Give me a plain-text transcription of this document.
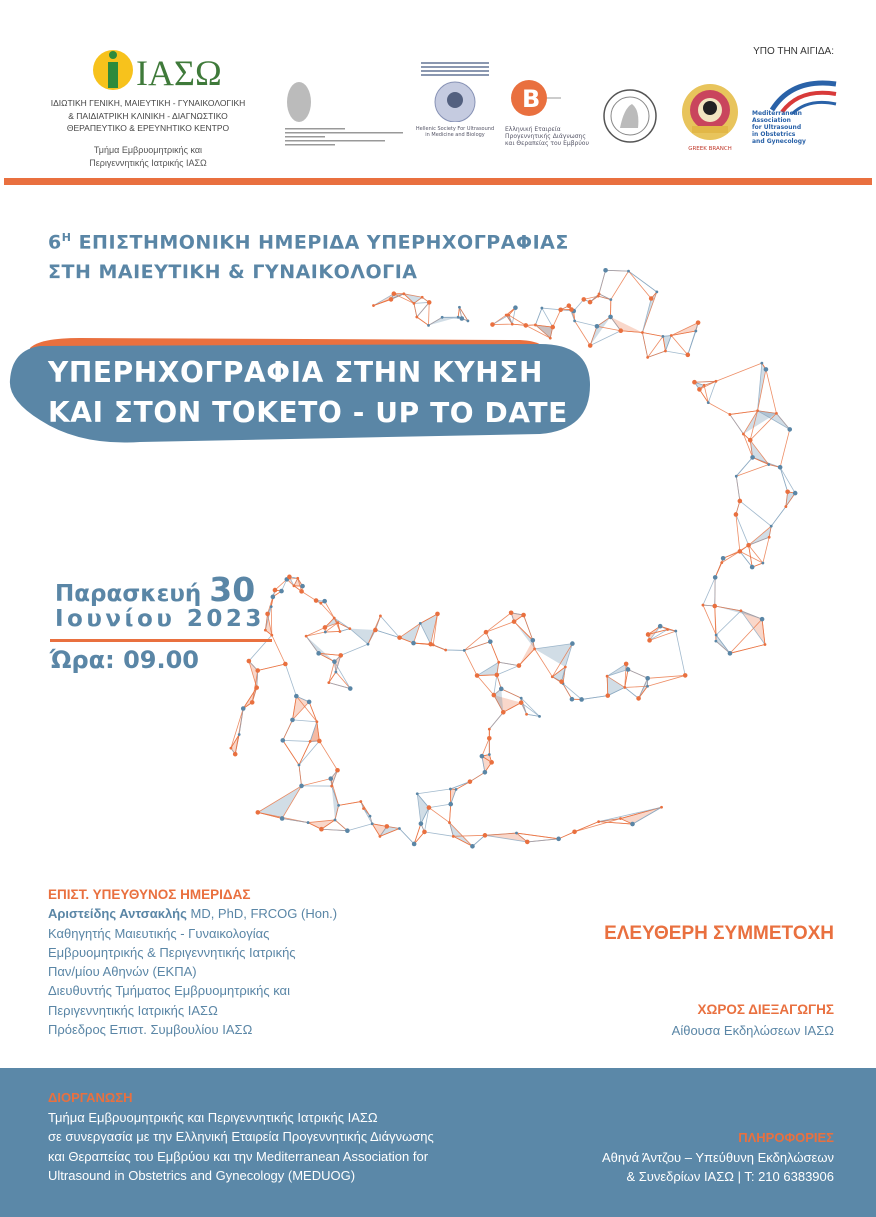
ΙΑΣΩ
ΙΔΙΩΤΙΚΗ ΓΕΝΙΚΗ, ΜΑΙΕΥΤΙΚΗ - ΓΥΝΑΙΚΟΛΟΓΙΚΗ
& ΠΑΙΔΙΑΤΡΙΚΗ ΚΛΙΝΙΚΗ - ΔΙΑΓΝΩΣΤΙΚΟ
ΘΕΡΑΠΕΥΤΙΚΟ & ΕΡΕΥΝΗΤΙΚΟ ΚΕΝΤΡΟ
Τμήμα Εμβρυομητρικής και
Περιγεννητικής Ιατρικής ΙΑΣΩ
Hellenic Society For Ultrasound in Medicine and Biology
B
Ελληνική Εταιρεία
Προγεννητικής Διάγνωσης
και Θεραπείας του Εμβρύου
GREEK BRANCH
Mediterranean
Association
for Ultrasound
in Obstetrics
and Gynecology
ΥΠΟ ΤΗΝ ΑΙΓΙΔΑ:
$6^H$ ΕΠΙΣΤΗΜΟΝΙΚΗ ΗΜΕΡΙΔΑ ΥΠΕΡΗΧΟΓΡΑΦΙΑΣ
ΣΤΗ ΜΑΙΕΥΤΙΚΗ & ΓΥΝΑΙΚΟΛΟΓΙΑ
ΥΠΕΡΗΧΟΓΡΑΦΙΑ ΣΤΗΝ ΚΥΗΣΗ
ΚΑΙ ΣΤΟΝ ΤΟΚΕΤΟ - UP TO DATE
Παρασκευή 30
Ιουνίου 2023
Ώρα: 09.00
ΕΠΙΣΤ. ΥΠΕΥΘΥΝΟΣ ΗΜΕΡΙΔΑΣ
Αριστείδης Αντσακλής MD, PhD, FRCOG (Hon.)
Καθηγητής Μαιευτικής - Γυναικολογίας
Εμβρυομητρικής & Περιγεννητικής Ιατρικής
Παν/μίου Αθηνών (ΕΚΠΑ)
Διευθυντής Τμήματος Εμβρυομητρικής και
Περιγεννητικής Ιατρικής ΙΑΣΩ
Πρόεδρος Επιστ. Συμβουλίου ΙΑΣΩ
ΕΛΕΥΘΕΡΗ ΣΥΜΜΕΤΟΧΗ
ΧΩΡΟΣ ΔΙΕΞΑΓΩΓΗΣ
Αίθουσα Εκδηλώσεων ΙΑΣΩ
ΔΙΟΡΓΑΝΩΣΗ
Τμήμα Εμβρυομητρικής και Περιγεννητικής Ιατρικής ΙΑΣΩ
σε συνεργασία με την Ελληνική Εταιρεία Προγεννητικής Διάγνωσης
και Θεραπείας του Εμβρύου και την Mediterranean Association for
Ultrasound in Obstetrics and Gynecology (MEDUOG)
ΠΛΗΡΟΦΟΡΙΕΣ
Αθηνά Άντζου – Υπεύθυνη Εκδηλώσεων
& Συνεδρίων ΙΑΣΩ | Τ: 210 6383906
